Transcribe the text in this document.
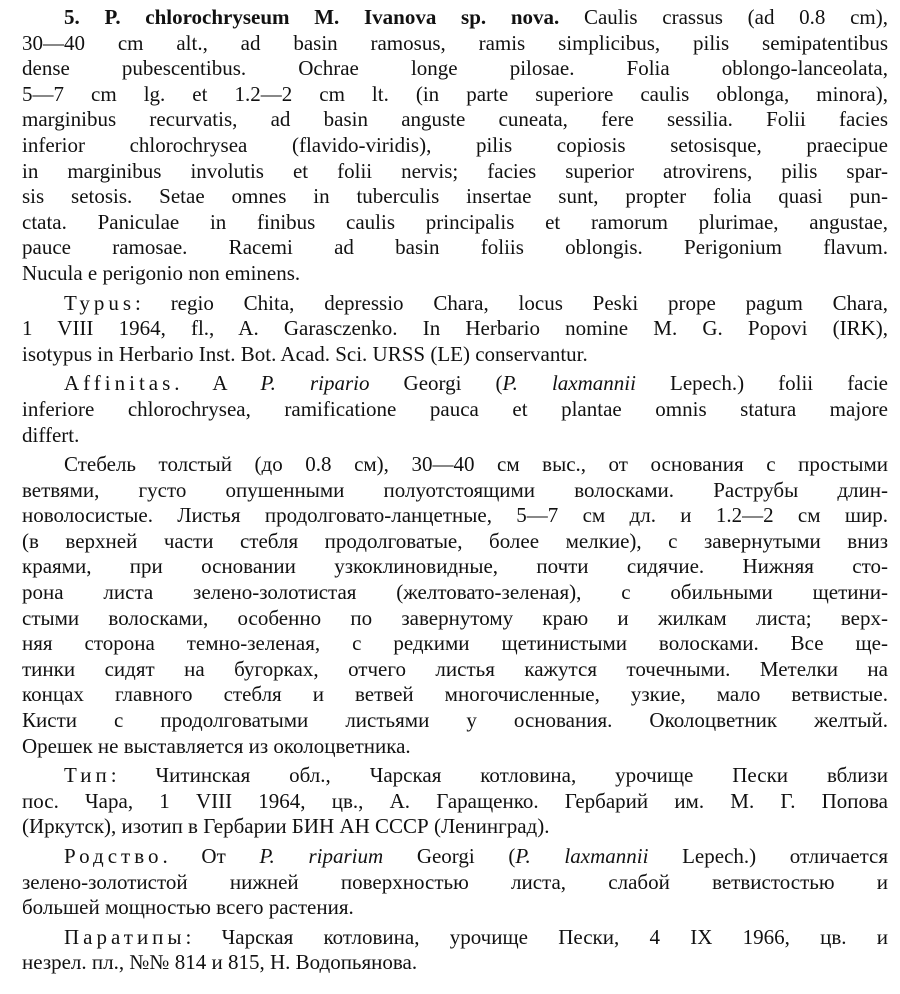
5. P. chlorochryseum M. Ivanova sp. nova. Caulis crassus (ad 0.8 cm),
30—40 cm alt., ad basin ramosus, ramis simplicibus, pilis semipatentibus
dense pubescentibus. Ochrae longe pilosae. Folia oblongo-lanceolata,
5—7 cm lg. et 1.2—2 cm lt. (in parte superiore caulis oblonga, minora),
marginibus recurvatis, ad basin anguste cuneata, fere sessilia. Folii facies
inferior chlorochrysea (flavido-viridis), pilis copiosis setosisque, praecipue
in marginibus involutis et folii nervis; facies superior atrovirens, pilis spar-
sis setosis. Setae omnes in tuberculis insertae sunt, propter folia quasi pun-
ctata. Paniculae in finibus caulis principalis et ramorum plurimae, angustae,
pauce ramosae. Racemi ad basin foliis oblongis. Perigonium flavum.
Nucula e perigonio non eminens.
Typus: regio Chita, depressio Chara, locus Peski prope pagum Chara,
1 VIII 1964, fl., A. Garasczenko. In Herbario nomine M. G. Popovi (IRK),
isotypus in Herbario Inst. Bot. Acad. Sci. URSS (LE) conservantur.
Affinitas. A P. ripario Georgi (P. laxmannii Lepech.) folii facie
inferiore chlorochrysea, ramificatione pauca et plantae omnis statura majore
differt.
Стебель толстый (до 0.8 см), 30—40 см выс., от основания с простыми
ветвями, густо опушенными полуотстоящими волосками. Раструбы длин-
новолосистые. Листья продолговато-ланцетные, 5—7 см дл. и 1.2—2 см шир.
(в верхней части стебля продолговатые, более мелкие), с завернутыми вниз
краями, при основании узкоклиновидные, почти сидячие. Нижняя сто-
рона листа зелено-золотистая (желтовато-зеленая), с обильными щетини-
стыми волосками, особенно по завернутому краю и жилкам листа; верх-
няя сторона темно-зеленая, с редкими щетинистыми волосками. Все ще-
тинки сидят на бугорках, отчего листья кажутся точечными. Метелки на
концах главного стебля и ветвей многочисленные, узкие, мало ветвистые.
Кисти с продолговатыми листьями у основания. Околоцветник желтый.
Орешек не выставляется из околоцветника.
Тип: Читинская обл., Чарская котловина, урочище Пески вблизи
пос. Чара, 1 VIII 1964, цв., А. Гаращенко. Гербарий им. М. Г. Попова
(Иркутск), изотип в Гербарии БИН АН СССР (Ленинград).
Родство. От P. riparium Georgi (P. laxmannii Lepech.) отличается
зелено-золотистой нижней поверхностью листа, слабой ветвистостью и
большей мощностью всего растения.
Паратипы: Чарская котловина, урочище Пески, 4 IX 1966, цв. и
незрел. пл., №№ 814 и 815, Н. Водопьянова.
